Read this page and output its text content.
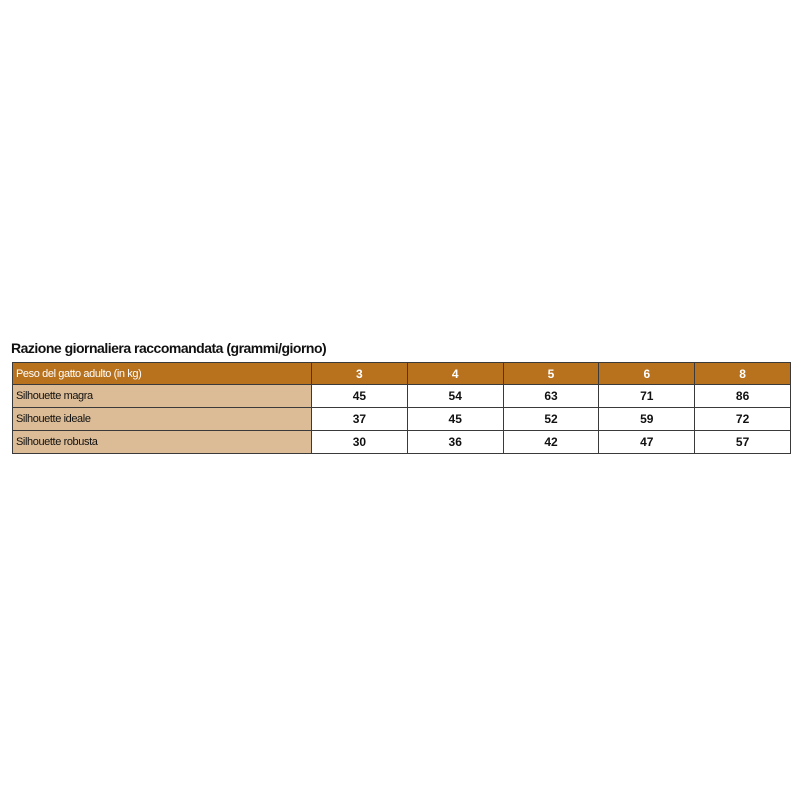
Razione giornaliera raccomandata (grammi/giorno)
Peso del gatto adulto (in kg)	3	4	5	6	8
Silhouette magra	45	54	63	71	86
Silhouette ideale	37	45	52	59	72
Silhouette robusta	30	36	42	47	57
